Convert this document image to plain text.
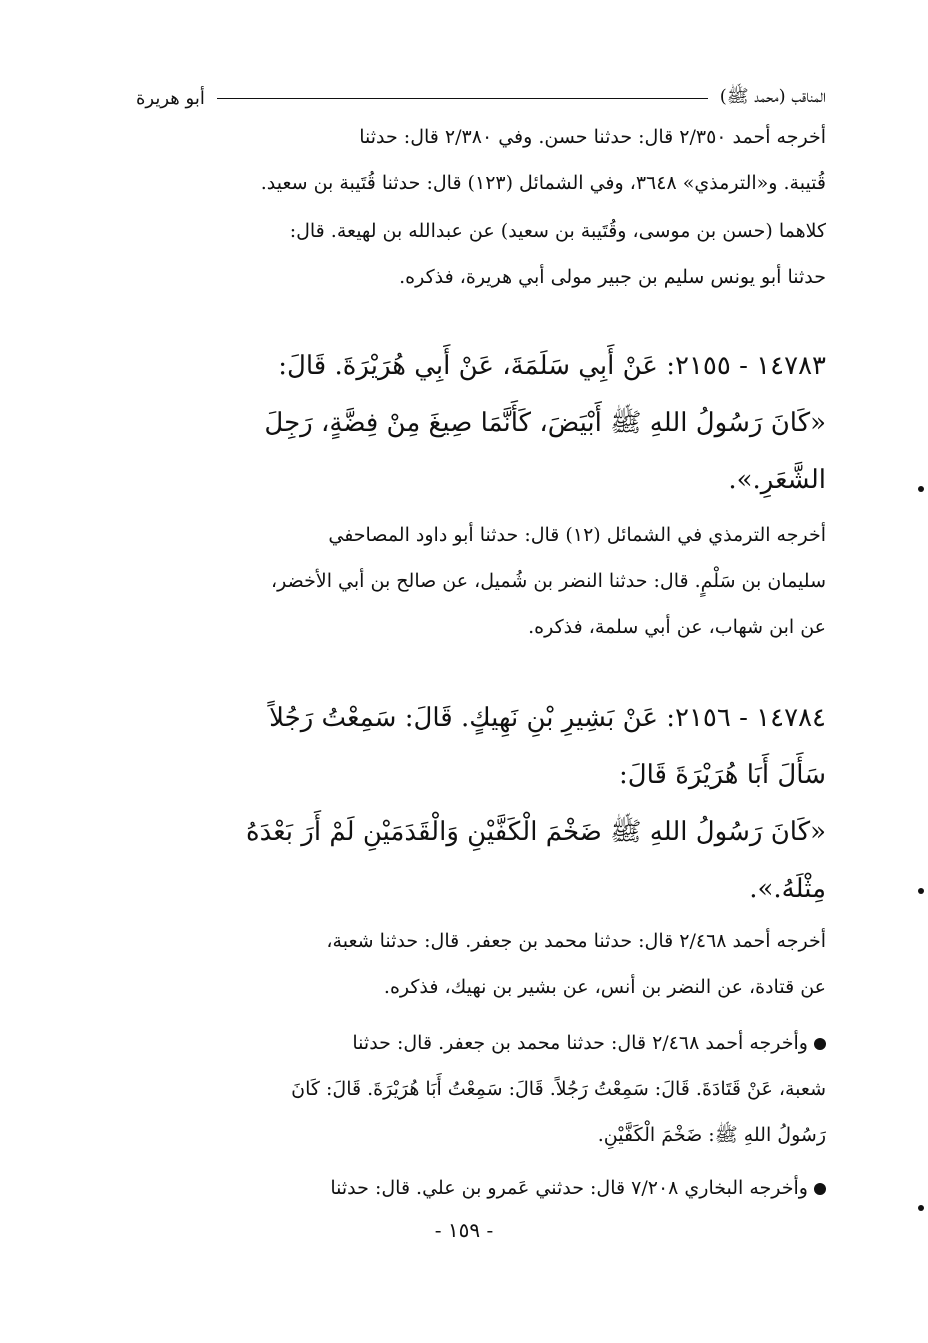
المناقب (محمد ﷺ)
أبو هريرة
أخرجه أحمد ٢/٣٥٠ قال: حدثنا حسن. وفي ٢/٣٨٠ قال: حدثنا
قُتيبة. و«الترمذي» ٣٦٤٨، وفي الشمائل (١٢٣) قال: حدثنا قُتَيبة بن سعيد.
كلاهما (حسن بن موسى، وقُتَيبة بن سعيد) عن عبدالله بن لهيعة. قال:
حدثنا أبو يونس سليم بن جبير مولى أبي هريرة، فذكره.
١٤٧٨٣ - ٢١٥٥: عَنْ أَبِي سَلَمَةَ، عَنْ أَبِي هُرَيْرَةَ. قَالَ:
«كَانَ رَسُولُ اللهِ ﷺ أَبْيَضَ، كَأَنَّمَا صِيغَ مِنْ فِضَّةٍ، رَجِلَ
الشَّعَرِ.».
أخرجه الترمذي في الشمائل (١٢) قال: حدثنا أبو داود المصاحفي
سليمان بن سَلْمٍ. قال: حدثنا النضر بن شُميل، عن صالح بن أبي الأخضر،
عن ابن شهاب، عن أبي سلمة، فذكره.
١٤٧٨٤ - ٢١٥٦: عَنْ بَشِيرِ بْنِ نَهِيكٍ. قَالَ: سَمِعْتُ رَجُلاً
سَأَلَ أَبَا هُرَيْرَةَ قَالَ:
«كَانَ رَسُولُ اللهِ ﷺ ضَخْمَ الْكَفَّيْنِ وَالْقَدَمَيْنِ لَمْ أَرَ بَعْدَهُ
مِثْلَهُ.».
أخرجه أحمد ٢/٤٦٨ قال: حدثنا محمد بن جعفر. قال: حدثنا شعبة،
عن قتادة، عن النضر بن أنس، عن بشير بن نهيك، فذكره.
وأخرجه أحمد ٢/٤٦٨ قال: حدثنا محمد بن جعفر. قال: حدثنا
شعبة، عَنْ قَتَادَةَ. قَالَ: سَمِعْتُ رَجُلاً. قَالَ: سَمِعْتُ أَبَا هُرَيْرَةَ. قَالَ: كَانَ
رَسُولُ اللهِ ﷺ: ضَخْمَ الْكَفَّيْنِ.
وأخرجه البخاري ٧/٢٠٨ قال: حدثني عَمرو بن علي. قال: حدثنا
- ١٥٩ -
